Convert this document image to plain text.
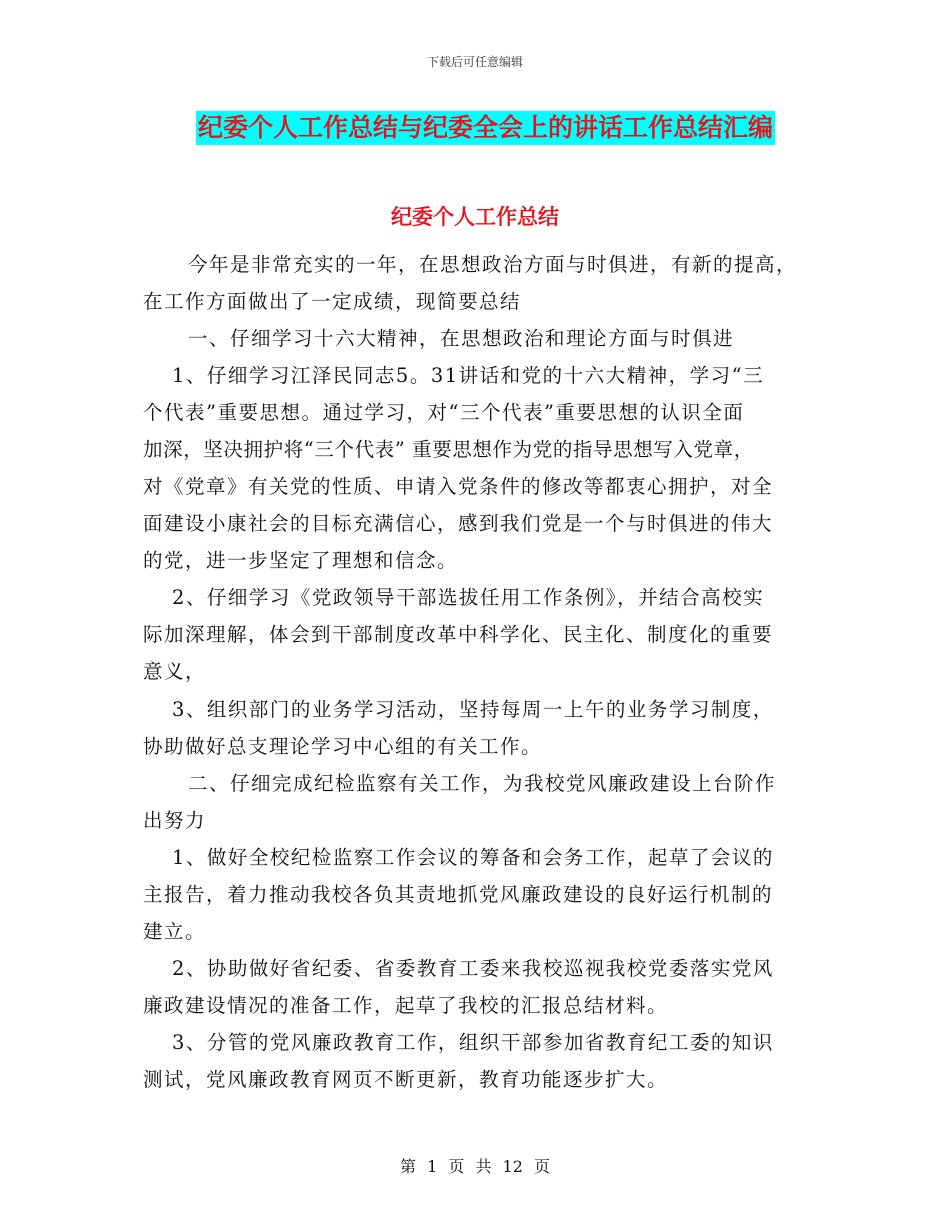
下载后可任意编辑
纪委个人工作总结与纪委全会上的讲话工作总结汇编
纪委个人工作总结
今年是非常充实的一年，在思想政治方面与时俱进，有新的提高，
在工作方面做出了一定成绩，现简要总结
一、仔细学习十六大精神，在思想政治和理论方面与时俱进
1、仔细学习江泽民同志5。31讲话和党的十六大精神，学习“三
个代表”重要思想。通过学习，对“三个代表”重要思想的认识全面
加深，坚决拥护将“三个代表” 重要思想作为党的指导思想写入党章，
对《党章》有关党的性质、申请入党条件的修改等都衷心拥护，对全
面建设小康社会的目标充满信心，感到我们党是一个与时俱进的伟大
的党，进一步坚定了理想和信念。
2、仔细学习《党政领导干部选拔任用工作条例》，并结合高校实
际加深理解，体会到干部制度改革中科学化、民主化、制度化的重要
意义，
3、组织部门的业务学习活动，坚持每周一上午的业务学习制度，
协助做好总支理论学习中心组的有关工作。
二、仔细完成纪检监察有关工作，为我校党风廉政建设上台阶作
出努力
1、做好全校纪检监察工作会议的筹备和会务工作，起草了会议的
主报告，着力推动我校各负其责地抓党风廉政建设的良好运行机制的
建立。
2、协助做好省纪委、省委教育工委来我校巡视我校党委落实党风
廉政建设情况的准备工作，起草了我校的汇报总结材料。
3、分管的党风廉政教育工作，组织干部参加省教育纪工委的知识
测试，党风廉政教育网页不断更新，教育功能逐步扩大。
第 1 页 共 12 页
